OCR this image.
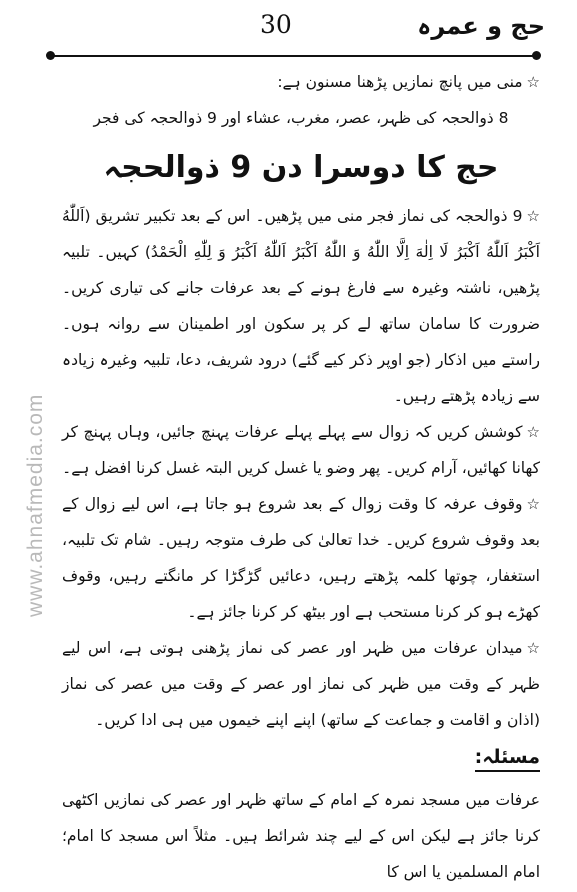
حج و عمرہ
30
www.ahnafmedia.com

☆منی میں پانچ نمازیں پڑھنا مسنون ہے:

8 ذوالحجہ کی ظہر، عصر، مغرب، عشاء اور 9 ذوالحجہ کی فجر

حج کا دوسرا دن 9 ذوالحجہ

☆9 ذوالحجہ کی نماز فجر منی میں پڑھیں۔ اس کے بعد تکبیر تشریق (اَللّٰهُ اَکْبَرُ اَللّٰهُ اَکْبَرُ لَا اِلٰهَ اِلَّا اللّٰهُ وَ اللّٰهُ اَکْبَرُ اَللّٰهُ اَکْبَرُ وَ لِلّٰهِ الْحَمْدُ) کہیں۔ تلبیہ پڑھیں، ناشتہ وغیرہ سے فارغ ہونے کے بعد عرفات جانے کی تیاری کریں۔ ضرورت کا سامان ساتھ لے کر پر سکون اور اطمینان سے روانہ ہوں۔ راستے میں اذکار (جو اوپر ذکر کیے گئے) درود شریف، دعا، تلبیہ وغیرہ زیادہ سے زیادہ پڑھتے رہیں۔

☆کوشش کریں کہ زوال سے پہلے پہلے عرفات پہنچ جائیں، وہاں پہنچ کر کھانا کھائیں، آرام کریں۔ پھر وضو یا غسل کریں البتہ غسل کرنا افضل ہے۔

☆وقوف عرفہ کا وقت زوال کے بعد شروع ہو جاتا ہے، اس لیے زوال کے بعد وقوف شروع کریں۔ خدا تعالیٰ کی طرف متوجہ رہیں۔ شام تک تلبیہ، استغفار، چوتھا کلمہ پڑھتے رہیں، دعائیں گڑگڑا کر مانگتے رہیں، وقوف کھڑے ہو کر کرنا مستحب ہے اور بیٹھ کر کرنا جائز ہے۔

☆میدان عرفات میں ظہر اور عصر کی نماز پڑھنی ہوتی ہے، اس لیے ظہر کے وقت میں ظہر کی نماز اور عصر کے وقت میں عصر کی نماز (اذان و اقامت و جماعت کے ساتھ) اپنے اپنے خیموں میں ہی ادا کریں۔

مسئلہ:

عرفات میں مسجد نمرہ کے امام کے ساتھ ظہر اور عصر کی نمازیں اکٹھی کرنا جائز ہے لیکن اس کے لیے چند شرائط ہیں۔ مثلاً اس مسجد کا امام؛ امام المسلمین یا اس کا
